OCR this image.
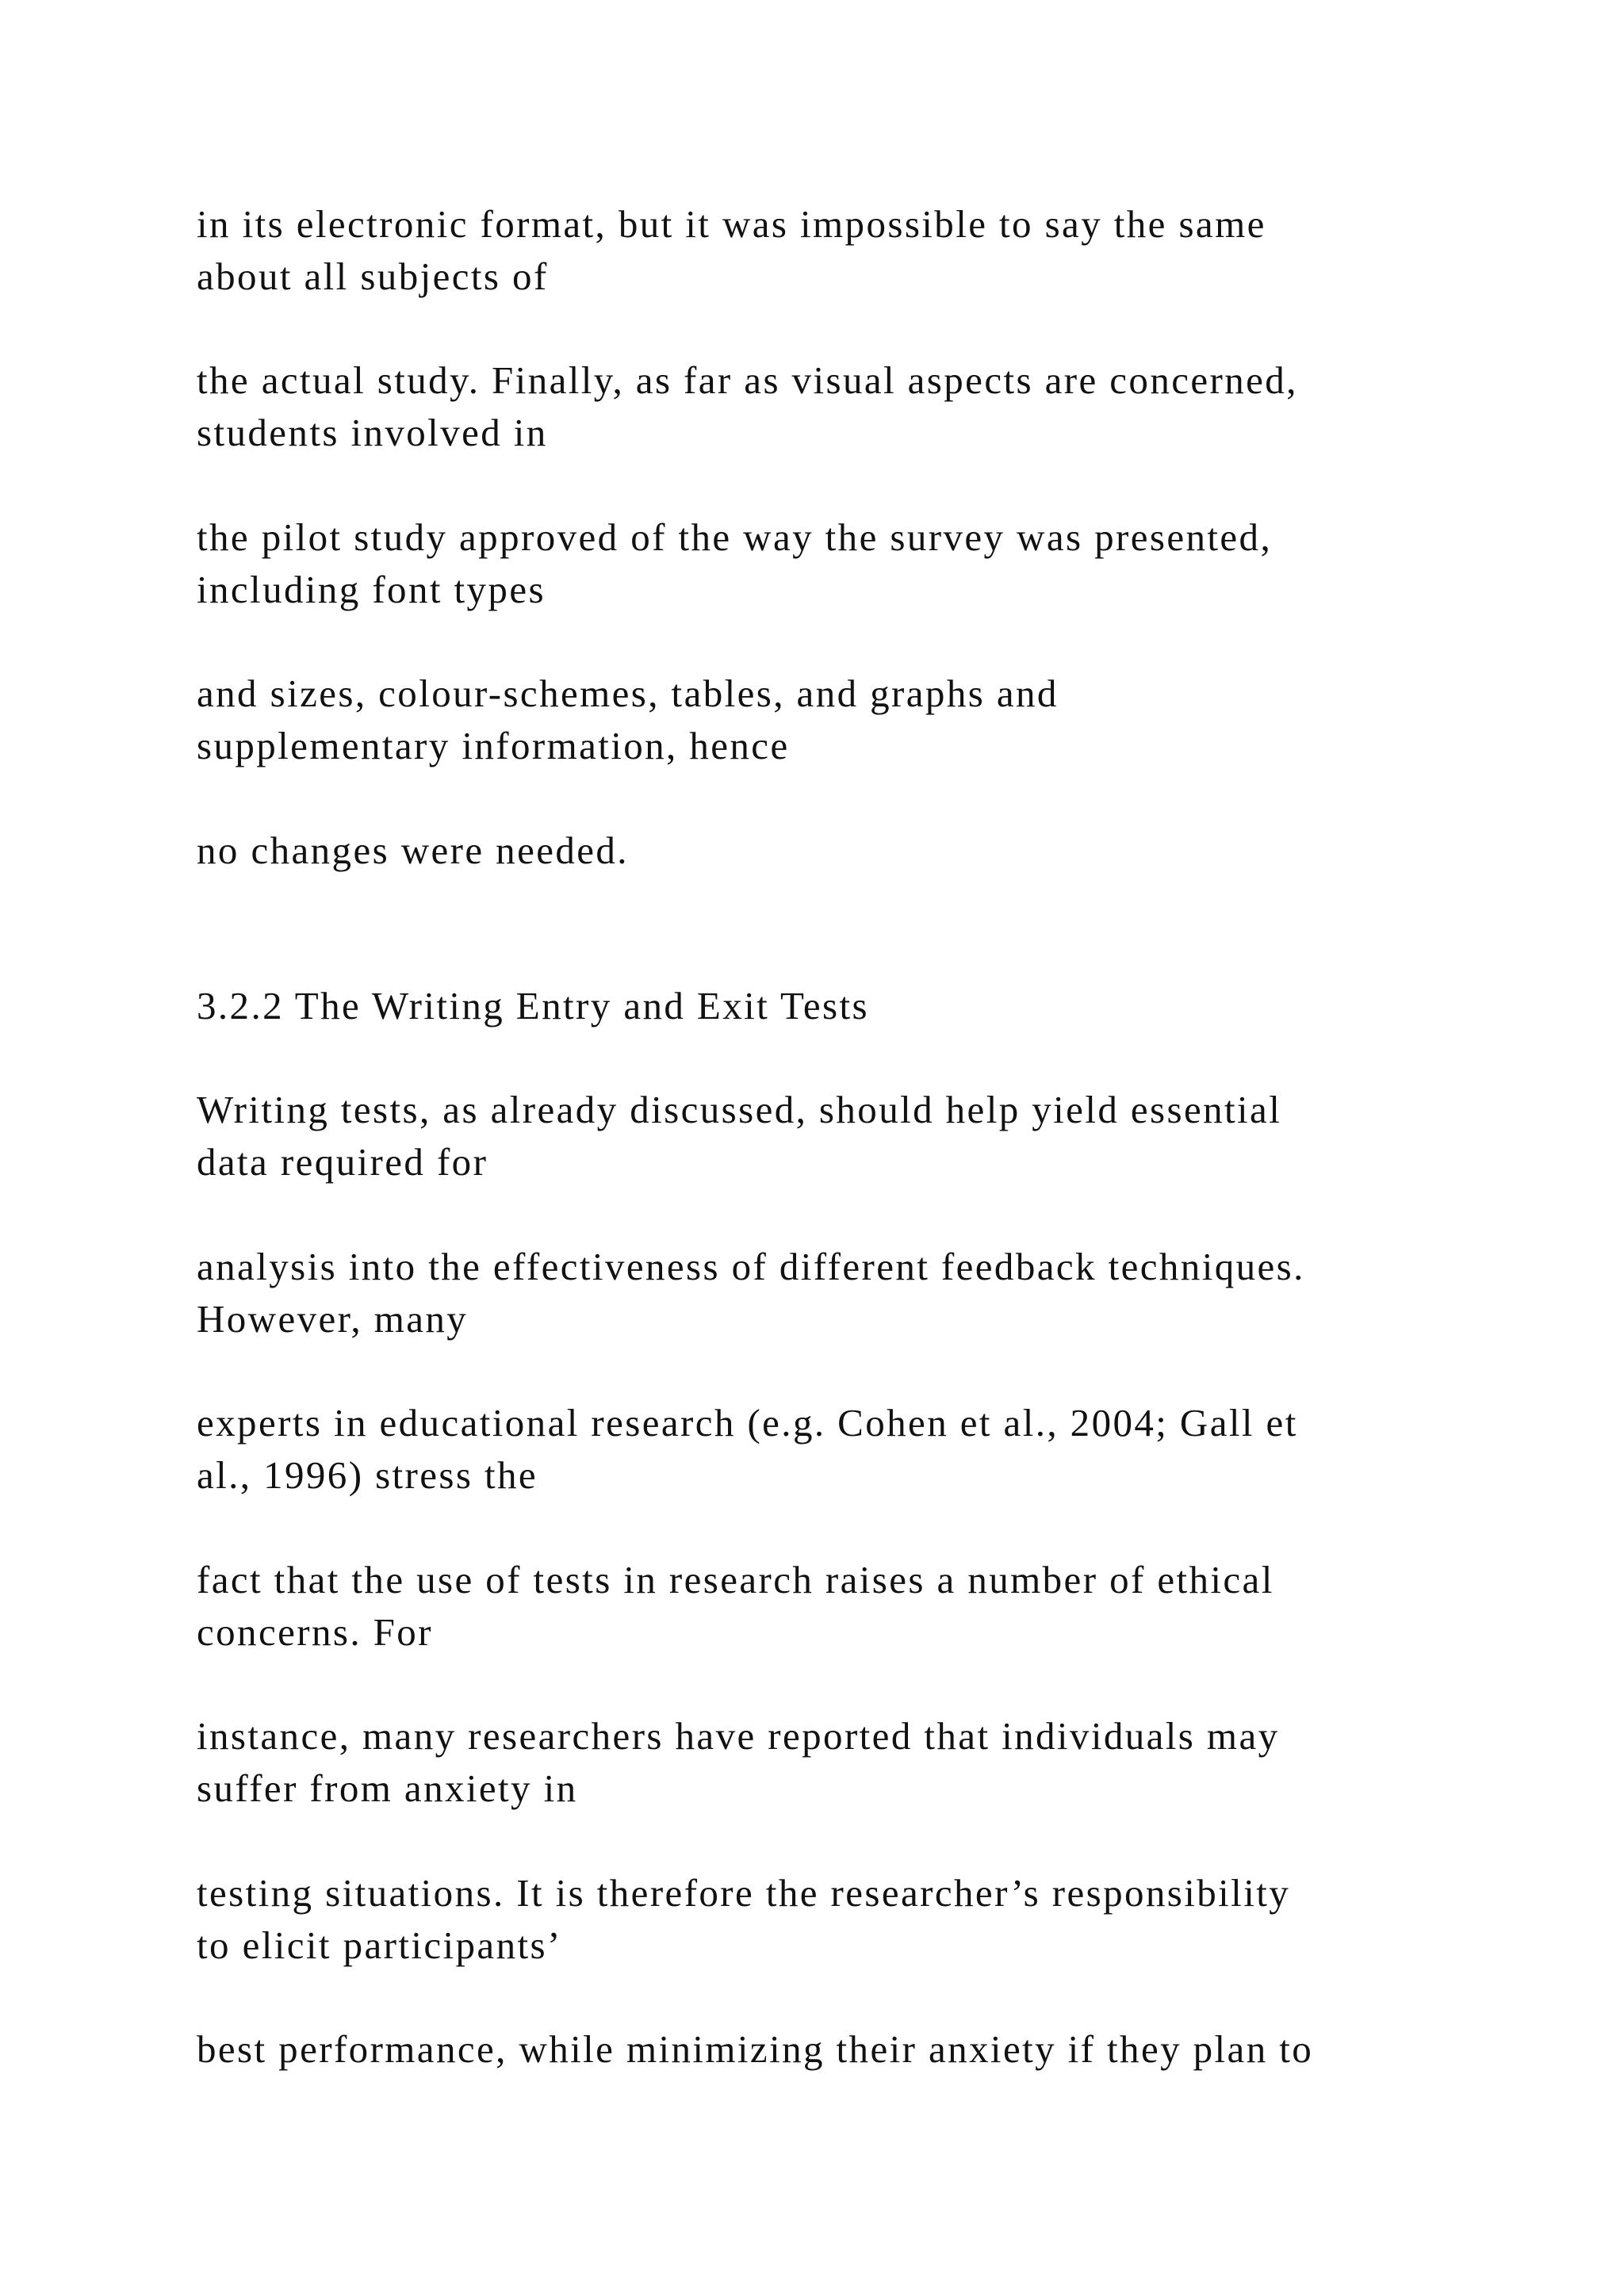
in its electronic format, but it was impossible to say the same

about all subjects of

the actual study. Finally, as far as visual aspects are concerned,

students involved in

the pilot study approved of the way the survey was presented,

including font types

and sizes, colour-schemes, tables, and graphs and

supplementary information, hence

no changes were needed.

3.2.2 The Writing Entry and Exit Tests

Writing tests, as already discussed, should help yield essential

data required for

analysis into the effectiveness of different feedback techniques.

However, many

experts in educational research (e.g. Cohen et al., 2004; Gall et

al., 1996) stress the

fact that the use of tests in research raises a number of ethical

concerns. For

instance, many researchers have reported that individuals may

suffer from anxiety in

testing situations. It is therefore the researcher’s responsibility

to elicit participants’

best performance, while minimizing their anxiety if they plan to
